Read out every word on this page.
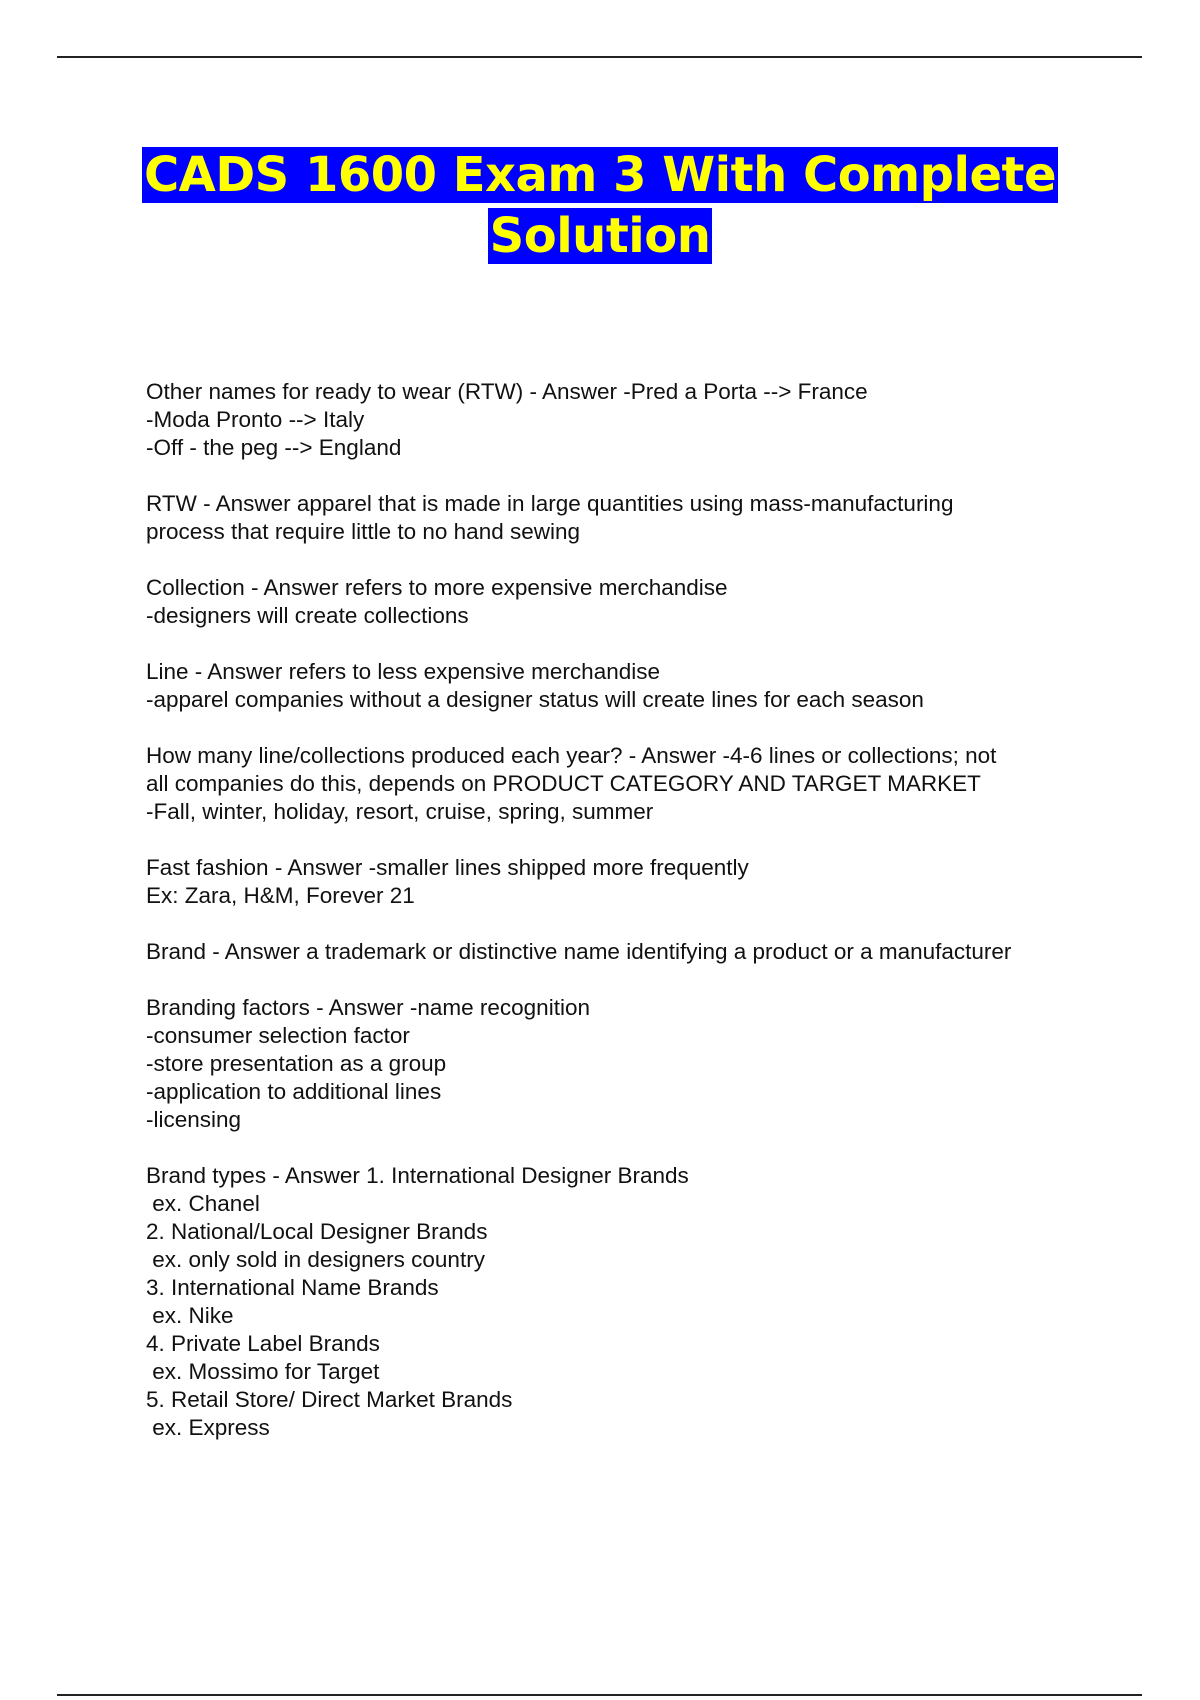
CADS 1600 Exam 3 With Complete
Solution

Other names for ready to wear (RTW) - Answer -Pred a Porta --> France

-Moda Pronto --> Italy

-Off - the peg --> England

RTW - Answer apparel that is made in large quantities using mass-manufacturing

process that require little to no hand sewing

Collection - Answer refers to more expensive merchandise

-designers will create collections

Line - Answer refers to less expensive merchandise

-apparel companies without a designer status will create lines for each season

How many line/collections produced each year? - Answer -4-6 lines or collections; not

all companies do this, depends on PRODUCT CATEGORY AND TARGET MARKET

-Fall, winter, holiday, resort, cruise, spring, summer

Fast fashion - Answer -smaller lines shipped more frequently

Ex: Zara, H&M, Forever 21

Brand - Answer a trademark or distinctive name identifying a product or a manufacturer

Branding factors - Answer -name recognition

-consumer selection factor

-store presentation as a group

-application to additional lines

-licensing

Brand types - Answer 1. International Designer Brands

ex. Chanel

2. National/Local Designer Brands

ex. only sold in designers country

3. International Name Brands

ex. Nike

4. Private Label Brands

ex. Mossimo for Target

5. Retail Store/ Direct Market Brands

ex. Express
